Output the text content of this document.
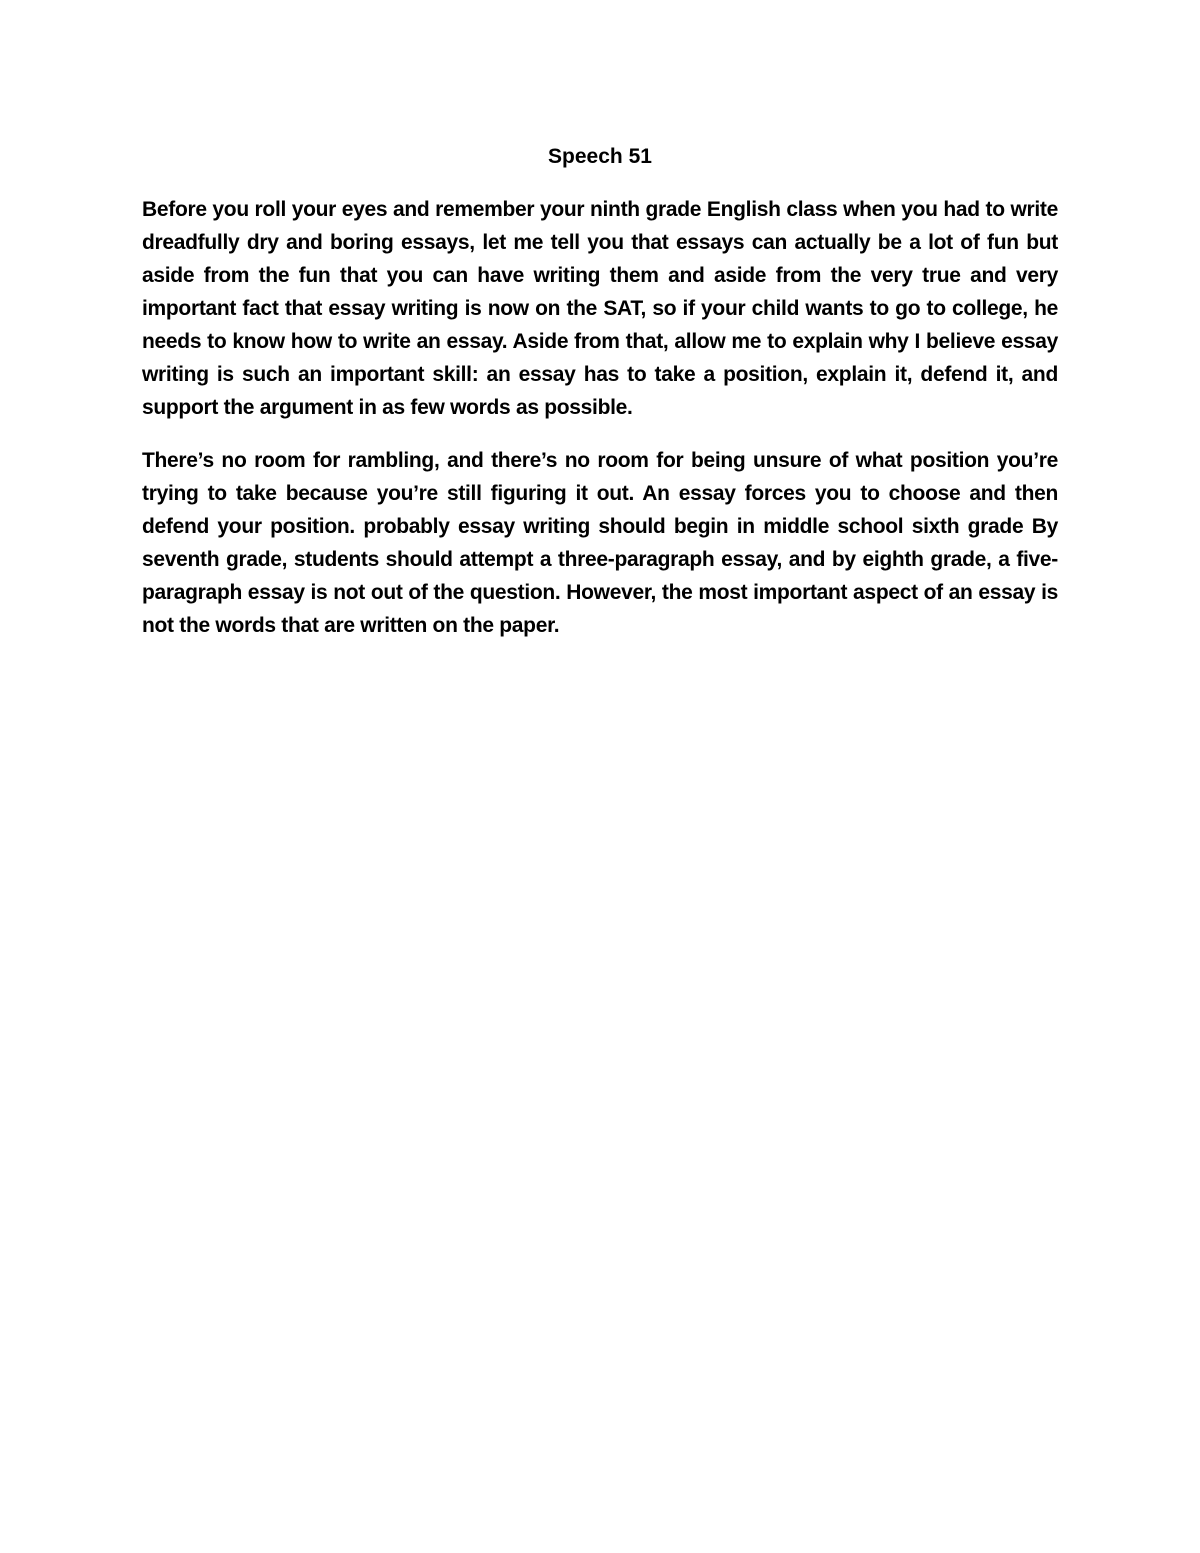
Speech 51

Before you roll your eyes and remember your ninth grade English class when you had to write dreadfully dry and boring essays, let me tell you that essays can actually be a lot of fun but aside from the fun that you can have writing them and aside from the very true and very important fact that essay writing is now on the SAT, so if your child wants to go to college, he needs to know how to write an essay. Aside from that, allow me to explain why I believe essay writing is such an important skill: an essay has to take a position, explain it, defend it, and support the argument in as few words as possible.

There’s no room for rambling, and there’s no room for being unsure of what position you’re trying to take because you’re still figuring it out. An essay forces you to choose and then defend your position. probably essay writing should begin in middle school sixth grade By seventh grade, students should attempt a three-paragraph essay, and by eighth grade, a five-paragraph essay is not out of the question. However, the most important aspect of an essay is not the words that are written on the paper.
